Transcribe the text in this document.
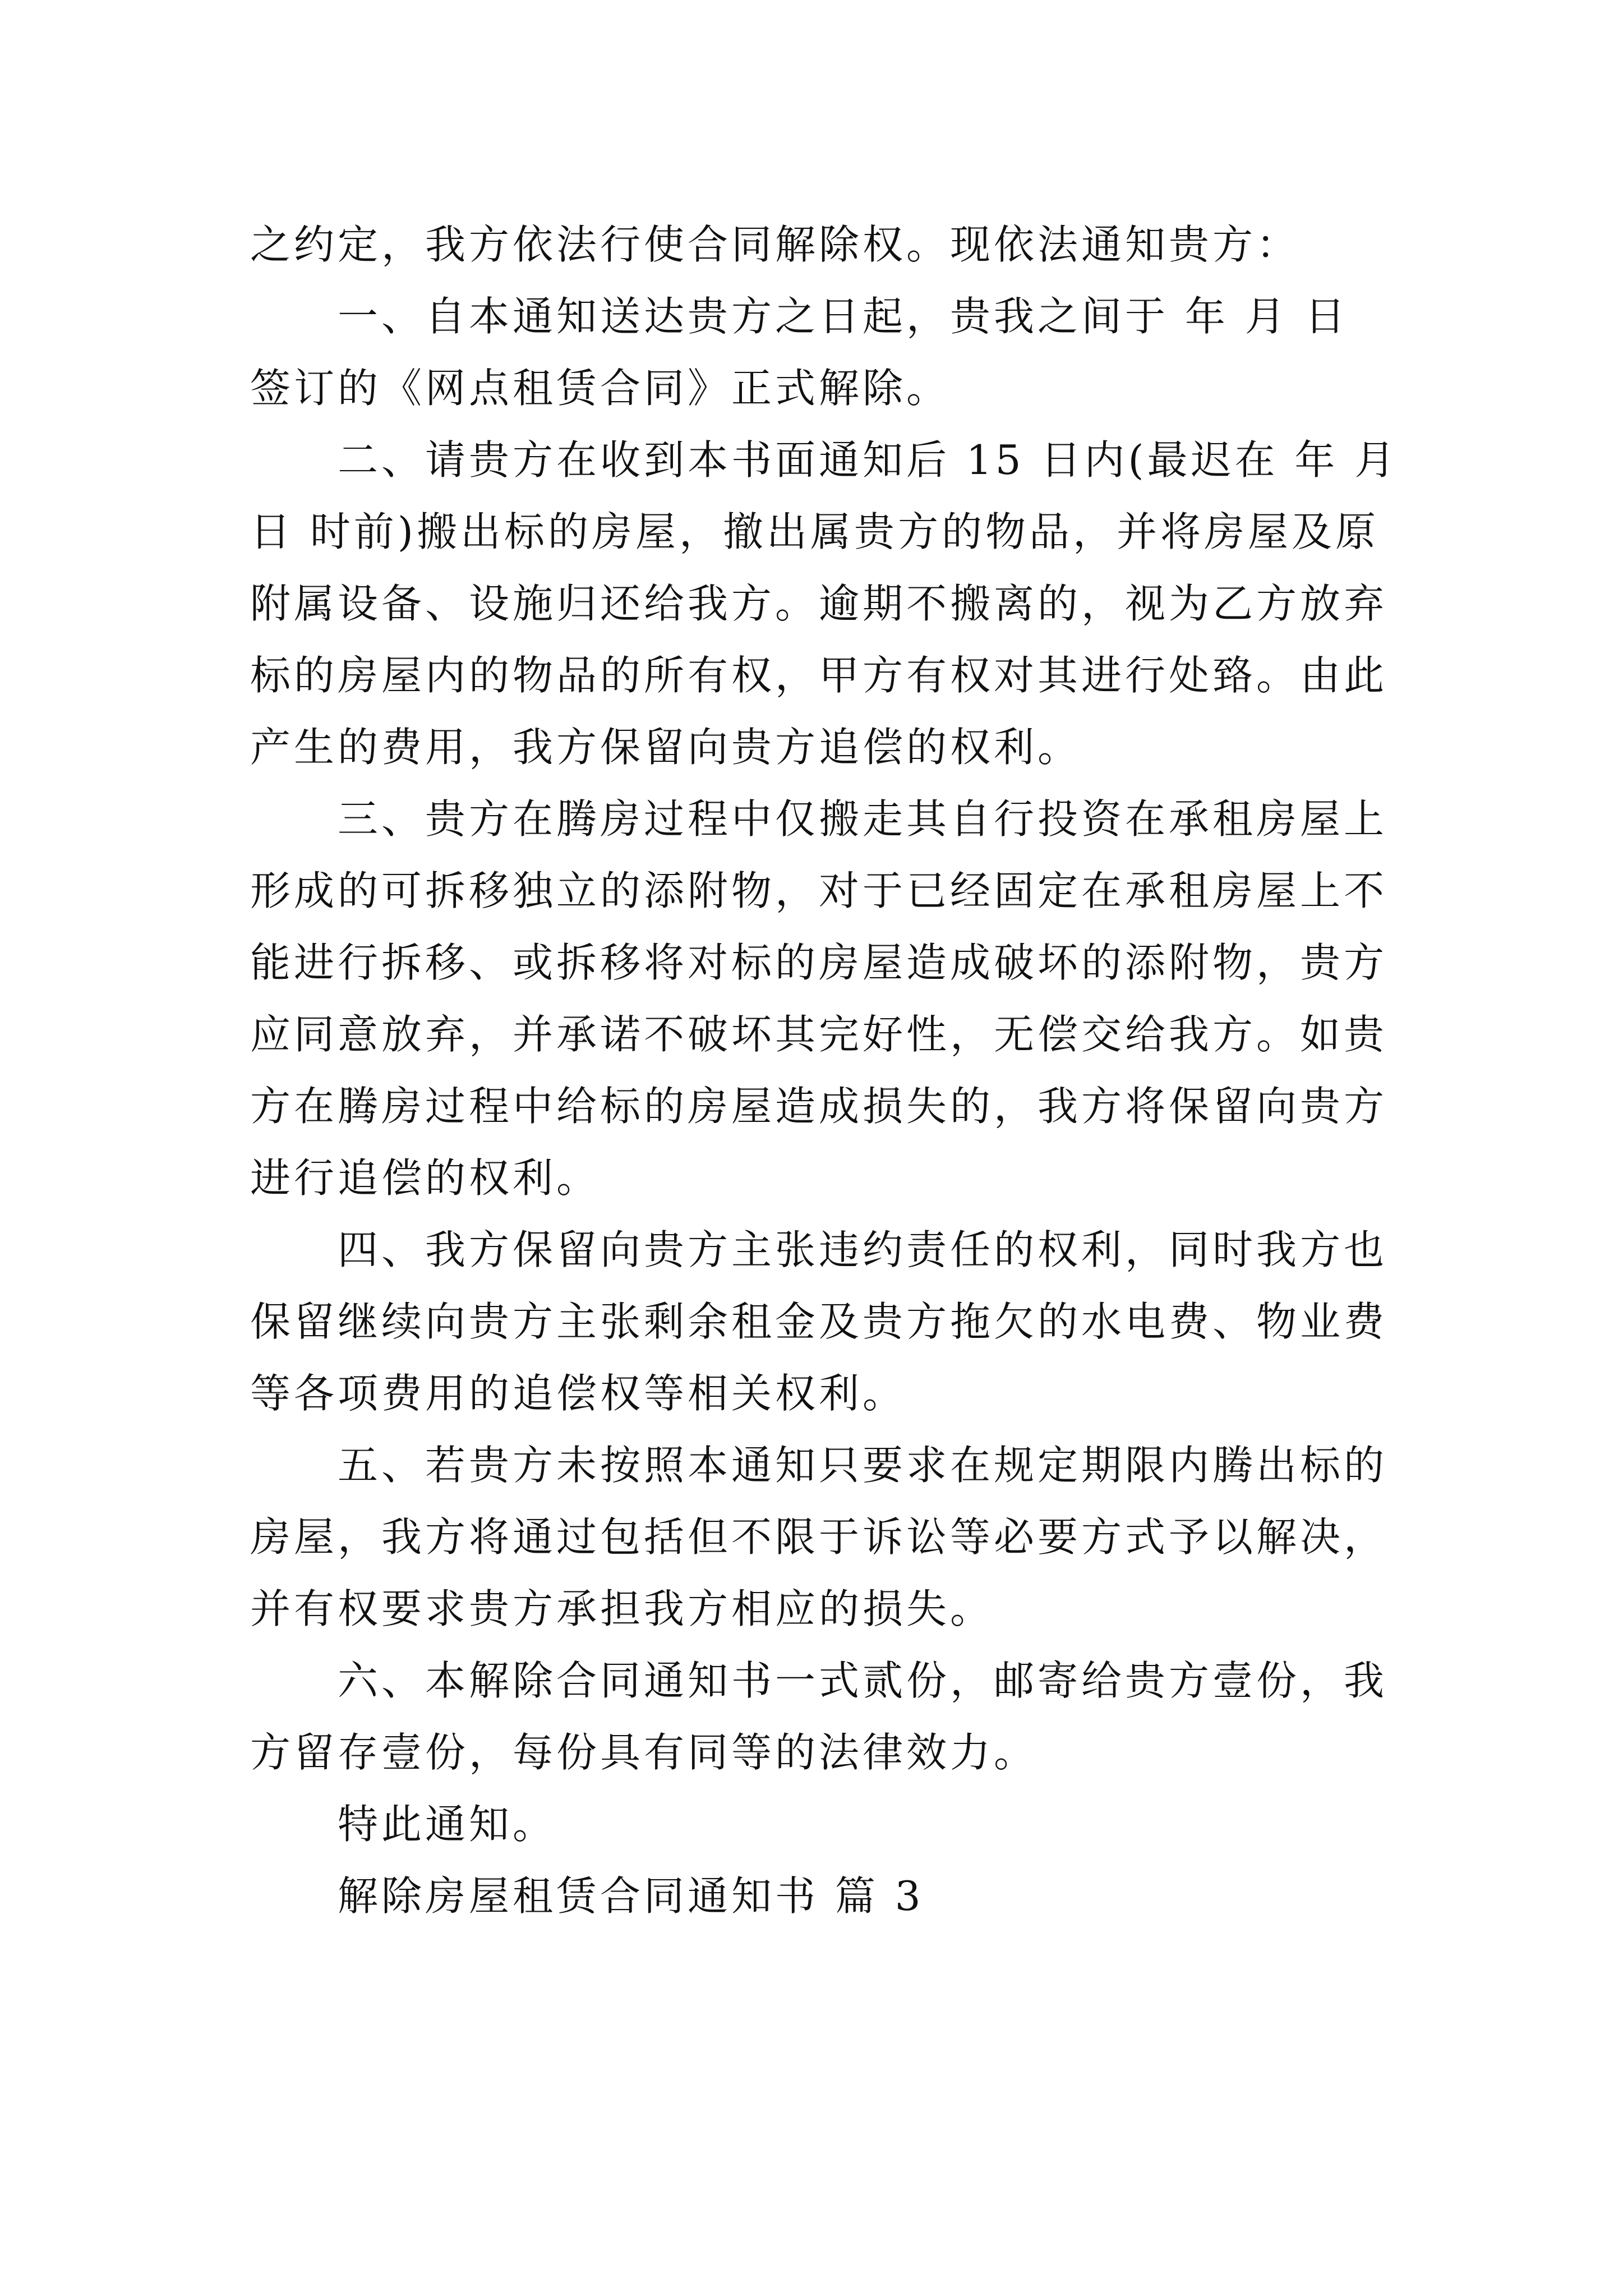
之约定，我方依法行使合同解除权。现依法通知贵方：
一、自本通知送达贵方之日起，贵我之间于 年 月 日
签订的《网点租赁合同》正式解除。
二、请贵方在收到本书面通知后 15 日内(最迟在 年 月
日 时前)搬出标的房屋，撤出属贵方的物品，并将房屋及原
附属设备、设施归还给我方。逾期不搬离的，视为乙方放弃
标的房屋内的物品的所有权，甲方有权对其进行处臵。由此
产生的费用，我方保留向贵方追偿的权利。
三、贵方在腾房过程中仅搬走其自行投资在承租房屋上
形成的可拆移独立的添附物，对于已经固定在承租房屋上不
能进行拆移、或拆移将对标的房屋造成破坏的添附物，贵方
应同意放弃，并承诺不破坏其完好性，无偿交给我方。如贵
方在腾房过程中给标的房屋造成损失的，我方将保留向贵方
进行追偿的权利。
四、我方保留向贵方主张违约责任的权利，同时我方也
保留继续向贵方主张剩余租金及贵方拖欠的水电费、物业费
等各项费用的追偿权等相关权利。
五、若贵方未按照本通知只要求在规定期限内腾出标的
房屋，我方将通过包括但不限于诉讼等必要方式予以解决，
并有权要求贵方承担我方相应的损失。
六、本解除合同通知书一式贰份，邮寄给贵方壹份，我
方留存壹份，每份具有同等的法律效力。
特此通知。
解除房屋租赁合同通知书 篇 3
